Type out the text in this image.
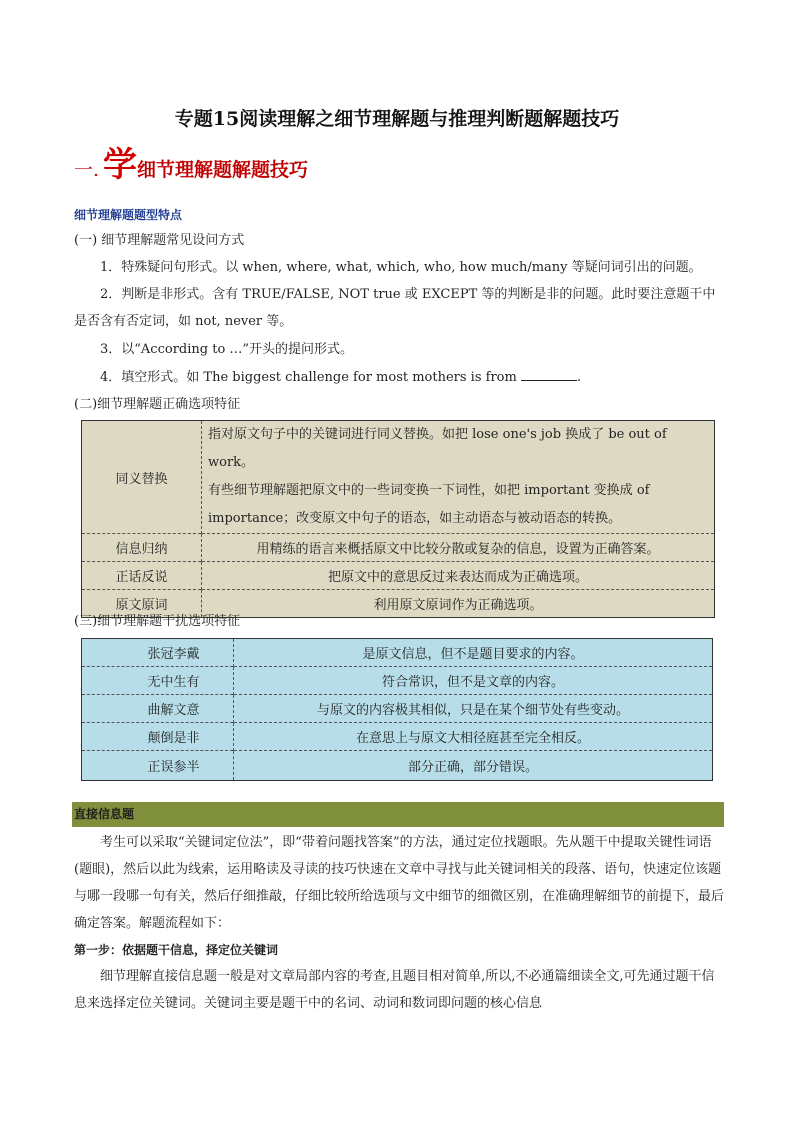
专题15阅读理解之细节理解题与推理判断题解题技巧
一. 学 细节理解题解题技巧
细节理解题题型特点
(一) 细节理解题常见设问方式
1．特殊疑问句形式。以 when, where, what, which, who, how much/many 等疑问词引出的问题。
2．判断是非形式。含有 TRUE/FALSE, NOT true 或 EXCEPT 等的判断是非的问题。此时要注意题干中
是否含有否定词，如 not, never 等。
3．以“According to …”开头的提问形式。
4．填空形式。如 The biggest challenge for most mothers is from	.
(二)细节理解题正确选项特征
同义替换	指对原文句子中的关键词进行同义替换。如把 lose one's job 换成了 be out of work。
有些细节理解题把原文中的一些词变换一下词性，如把 important 变换成 of
importance；改变原文中句子的语态，如主动语态与被动语态的转换。

信息归纳	用精练的语言来概括原文中比较分散或复杂的信息，设置为正确答案。
正话反说	把原文中的意思反过来表达而成为正确选项。
原文原词	利用原文原词作为正确选项。
(三)细节理解题干扰选项特征
张冠李戴	是原文信息，但不是题目要求的内容。
无中生有	符合常识，但不是文章的内容。
曲解文意	与原文的内容极其相似，只是在某个细节处有些变动。
颠倒是非	在意思上与原文大相径庭甚至完全相反。
正误参半	部分正确，部分错误。
直接信息题
考生可以采取“关键词定位法”，即“带着问题找答案”的方法，通过定位找题眼。先从题干中提取关键性词语(题眼)，然后以此为线索，运用略读及寻读的技巧快速在文章中寻找与此关键词相关的段落、语句，快速定位该题与哪一段哪一句有关，然后仔细推敲，仔细比较所给选项与文中细节的细微区别，在准确理解细节的前提下，最后确定答案。解题流程如下：
第一步：依据题干信息，择定位关键词
细节理解直接信息题一般是对文章局部内容的考查,且题目相对简单,所以,不必通篇细读全文,可先通过题干信息来选择定位关键词。关键词主要是题干中的名词、动词和数词即问题的核心信息
